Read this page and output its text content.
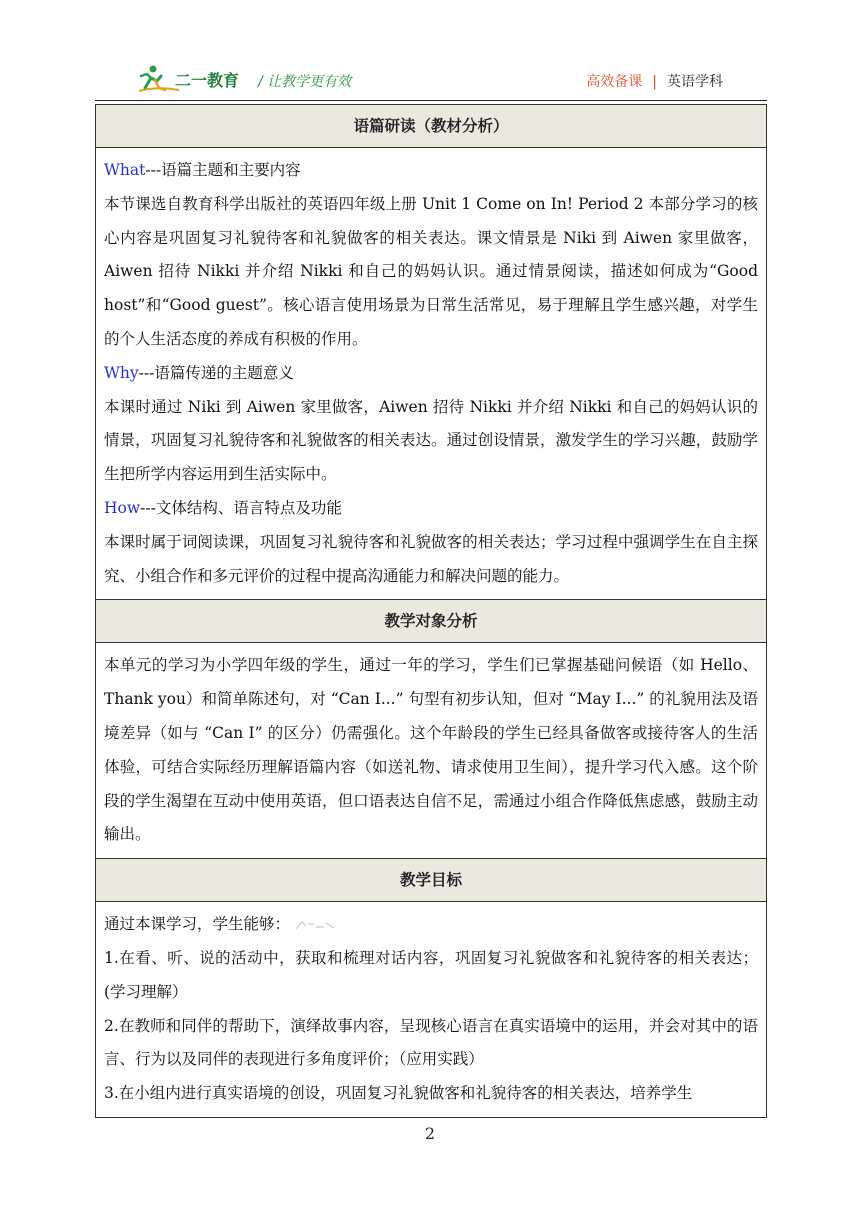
二一教育 / 让教学更有效	高效备课 | 英语学科
语篇研读（教材分析）

What---语篇主题和主要内容

本节课选自教育科学出版社的英语四年级上册 Unit 1 Come on In! Period 2 本部分学习的核心内容是巩固复习礼貌待客和礼貌做客的相关表达。课文情景是 Niki 到 Aiwen 家里做客，Aiwen 招待 Nikki 并介绍 Nikki 和自己的妈妈认识。通过情景阅读，描述如何成为“Good host”和“Good guest”。核心语言使用场景为日常生活常见，易于理解且学生感兴趣，对学生的个人生活态度的养成有积极的作用。

Why---语篇传递的主题意义

本课时通过 Niki 到 Aiwen 家里做客，Aiwen 招待 Nikki 并介绍 Nikki 和自己的妈妈认识的情景，巩固复习礼貌待客和礼貌做客的相关表达。通过创设情景，激发学生的学习兴趣，鼓励学生把所学内容运用到生活实际中。

How---文体结构、语言特点及功能

本课时属于词阅读课，巩固复习礼貌待客和礼貌做客的相关表达；学习过程中强调学生在自主探究、小组合作和多元评价的过程中提高沟通能力和解决问题的能力。

教学对象分析

本单元的学习为小学四年级的学生，通过一年的学习，学生们已掌握基础问候语（如 Hello、Thank you）和简单陈述句，对 “Can I...” 句型有初步认知，但对 “May I...” 的礼貌用法及语境差异（如与 “Can I” 的区分）仍需强化。这个年龄段的学生已经具备做客或接待客人的生活体验，可结合实际经历理解语篇内容（如送礼物、请求使用卫生间），提升学习代入感。这个阶段的学生渴望在互动中使用英语，但口语表达自信不足，需通过小组合作降低焦虑感，鼓励主动输出。

教学目标

通过本课学习，学生能够：

1.在看、听、说的活动中，获取和梳理对话内容，巩固复习礼貌做客和礼貌待客的相关表达；(学习理解）

2.在教师和同伴的帮助下，演绎故事内容，呈现核心语言在真实语境中的运用，并会对其中的语言、行为以及同伴的表现进行多角度评价；（应用实践）

3.在小组内进行真实语境的创设，巩固复习礼貌做客和礼貌待客的相关表达，培养学生

2
